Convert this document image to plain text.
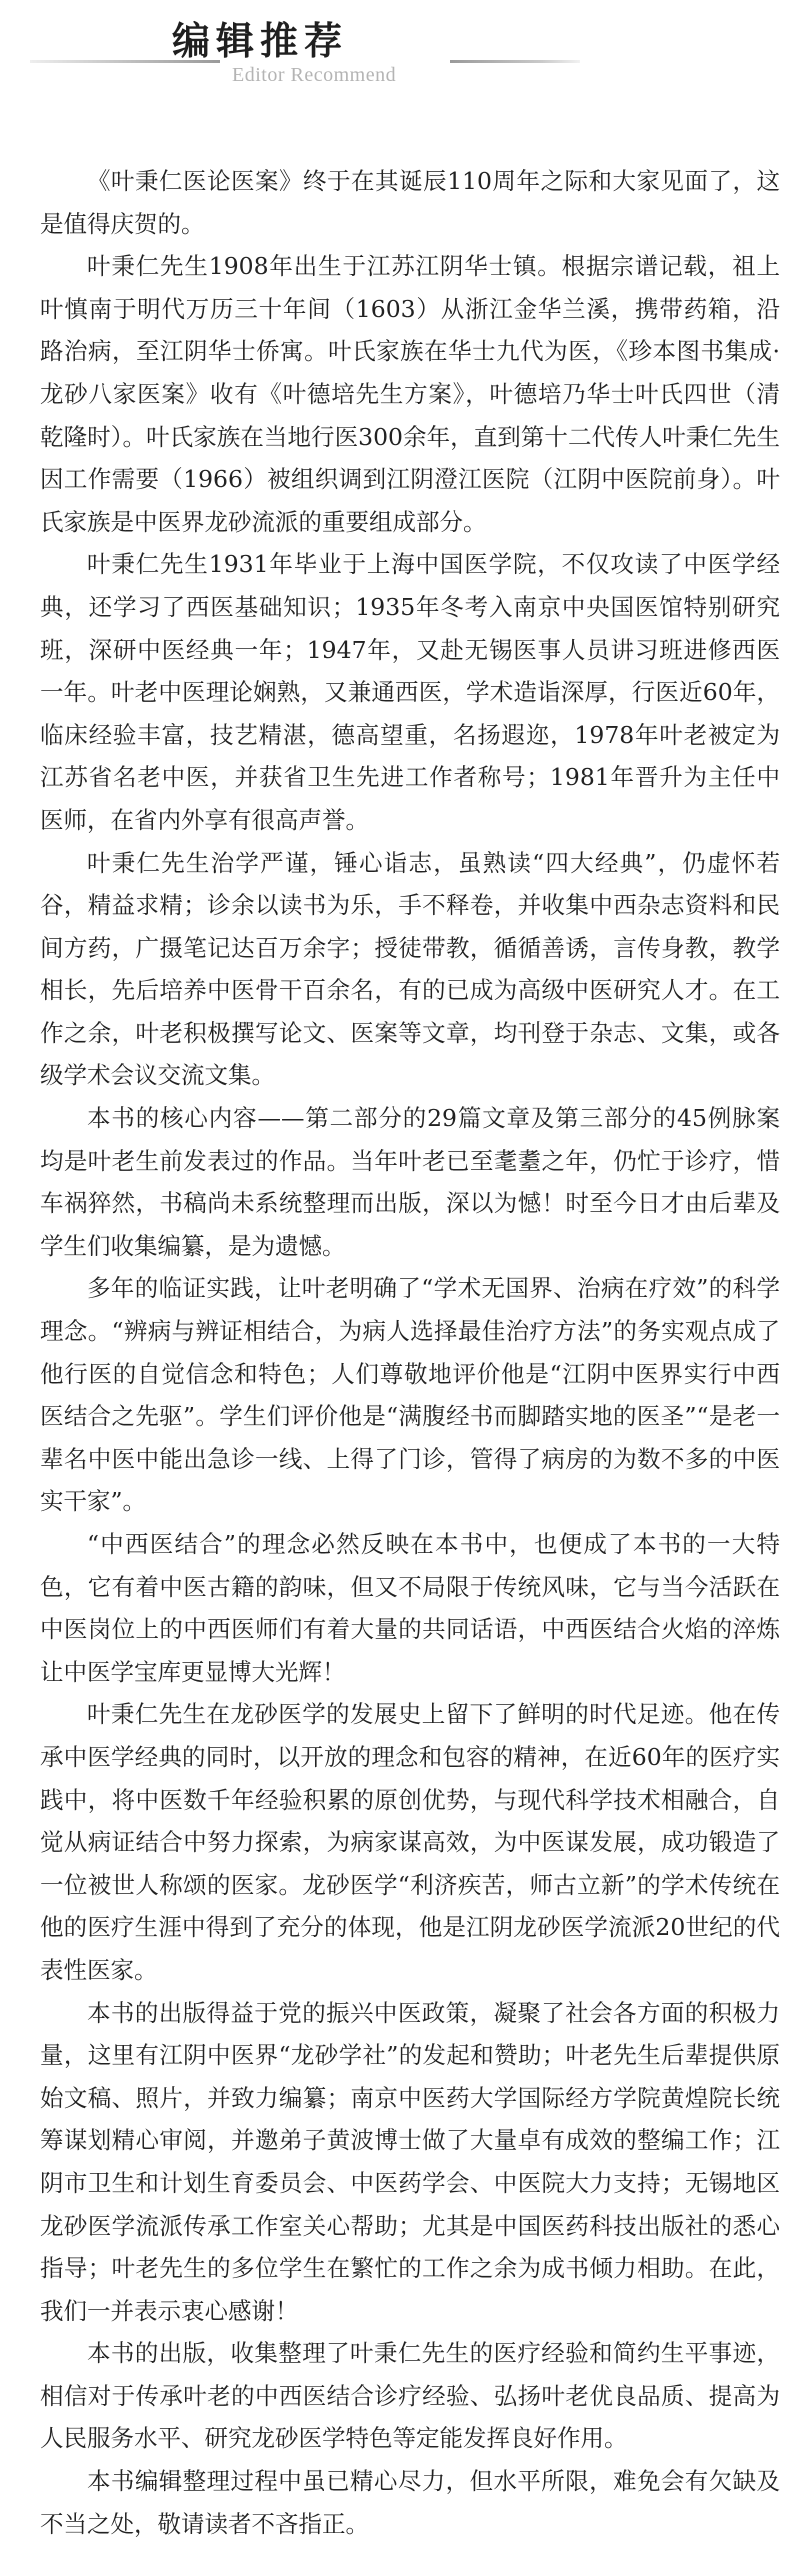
编辑推荐
Editor Recommend

《叶秉仁医论医案》终于在其诞辰110周年之际和大家见面了，这是值得庆贺的。

叶秉仁先生1908年出生于江苏江阴华士镇。根据宗谱记载，祖上叶慎南于明代万历三十年间（1603）从浙江金华兰溪，携带药箱，沿路治病，至江阴华士侨寓。叶氏家族在华士九代为医，《珍本图书集成·龙砂八家医案》收有《叶德培先生方案》，叶德培乃华士叶氏四世（清乾隆时）。叶氏家族在当地行医300余年，直到第十二代传人叶秉仁先生因工作需要（1966）被组织调到江阴澄江医院（江阴中医院前身）。叶氏家族是中医界龙砂流派的重要组成部分。

叶秉仁先生1931年毕业于上海中国医学院，不仅攻读了中医学经典，还学习了西医基础知识；1935年冬考入南京中央国医馆特别研究班，深研中医经典一年；1947年，又赴无锡医事人员讲习班进修西医一年。叶老中医理论娴熟，又兼通西医，学术造诣深厚，行医近60年，临床经验丰富，技艺精湛，德高望重，名扬遐迩，1978年叶老被定为江苏省名老中医，并获省卫生先进工作者称号；1981年晋升为主任中医师，在省内外享有很高声誉。

叶秉仁先生治学严谨，锤心诣志，虽熟读“四大经典”，仍虚怀若谷，精益求精；诊余以读书为乐，手不释卷，并收集中西杂志资料和民间方药，广摄笔记达百万余字；授徒带教，循循善诱，言传身教，教学相长，先后培养中医骨干百余名，有的已成为高级中医研究人才。在工作之余，叶老积极撰写论文、医案等文章，均刊登于杂志、文集，或各级学术会议交流文集。

本书的核心内容——第二部分的29篇文章及第三部分的45例脉案均是叶老生前发表过的作品。当年叶老已至耄耋之年，仍忙于诊疗，惜车祸猝然，书稿尚未系统整理而出版，深以为憾！时至今日才由后辈及学生们收集编纂，是为遗憾。

多年的临证实践，让叶老明确了“学术无国界、治病在疗效”的科学理念。“辨病与辨证相结合，为病人选择最佳治疗方法”的务实观点成了他行医的自觉信念和特色；人们尊敬地评价他是“江阴中医界实行中西医结合之先驱”。学生们评价他是“满腹经书而脚踏实地的医圣”“是老一辈名中医中能出急诊一线、上得了门诊，管得了病房的为数不多的中医实干家”。

“中西医结合”的理念必然反映在本书中，也便成了本书的一大特色，它有着中医古籍的韵味，但又不局限于传统风味，它与当今活跃在中医岗位上的中西医师们有着大量的共同话语，中西医结合火焰的淬炼让中医学宝库更显博大光辉！

叶秉仁先生在龙砂医学的发展史上留下了鲜明的时代足迹。他在传承中医学经典的同时，以开放的理念和包容的精神，在近60年的医疗实践中，将中医数千年经验积累的原创优势，与现代科学技术相融合，自觉从病证结合中努力探索，为病家谋高效，为中医谋发展，成功锻造了一位被世人称颂的医家。龙砂医学“利济疾苦，师古立新”的学术传统在他的医疗生涯中得到了充分的体现，他是江阴龙砂医学流派20世纪的代表性医家。

本书的出版得益于党的振兴中医政策，凝聚了社会各方面的积极力量，这里有江阴中医界“龙砂学社”的发起和赞助；叶老先生后辈提供原始文稿、照片，并致力编纂；南京中医药大学国际经方学院黄煌院长统筹谋划精心审阅，并邀弟子黄波博士做了大量卓有成效的整编工作；江阴市卫生和计划生育委员会、中医药学会、中医院大力支持；无锡地区龙砂医学流派传承工作室关心帮助；尤其是中国医药科技出版社的悉心指导；叶老先生的多位学生在繁忙的工作之余为成书倾力相助。在此，我们一并表示衷心感谢！

本书的出版，收集整理了叶秉仁先生的医疗经验和简约生平事迹，相信对于传承叶老的中西医结合诊疗经验、弘扬叶老优良品质、提高为人民服务水平、研究龙砂医学特色等定能发挥良好作用。

本书编辑整理过程中虽已精心尽力，但水平所限，难免会有欠缺及不当之处，敬请读者不吝指正。
